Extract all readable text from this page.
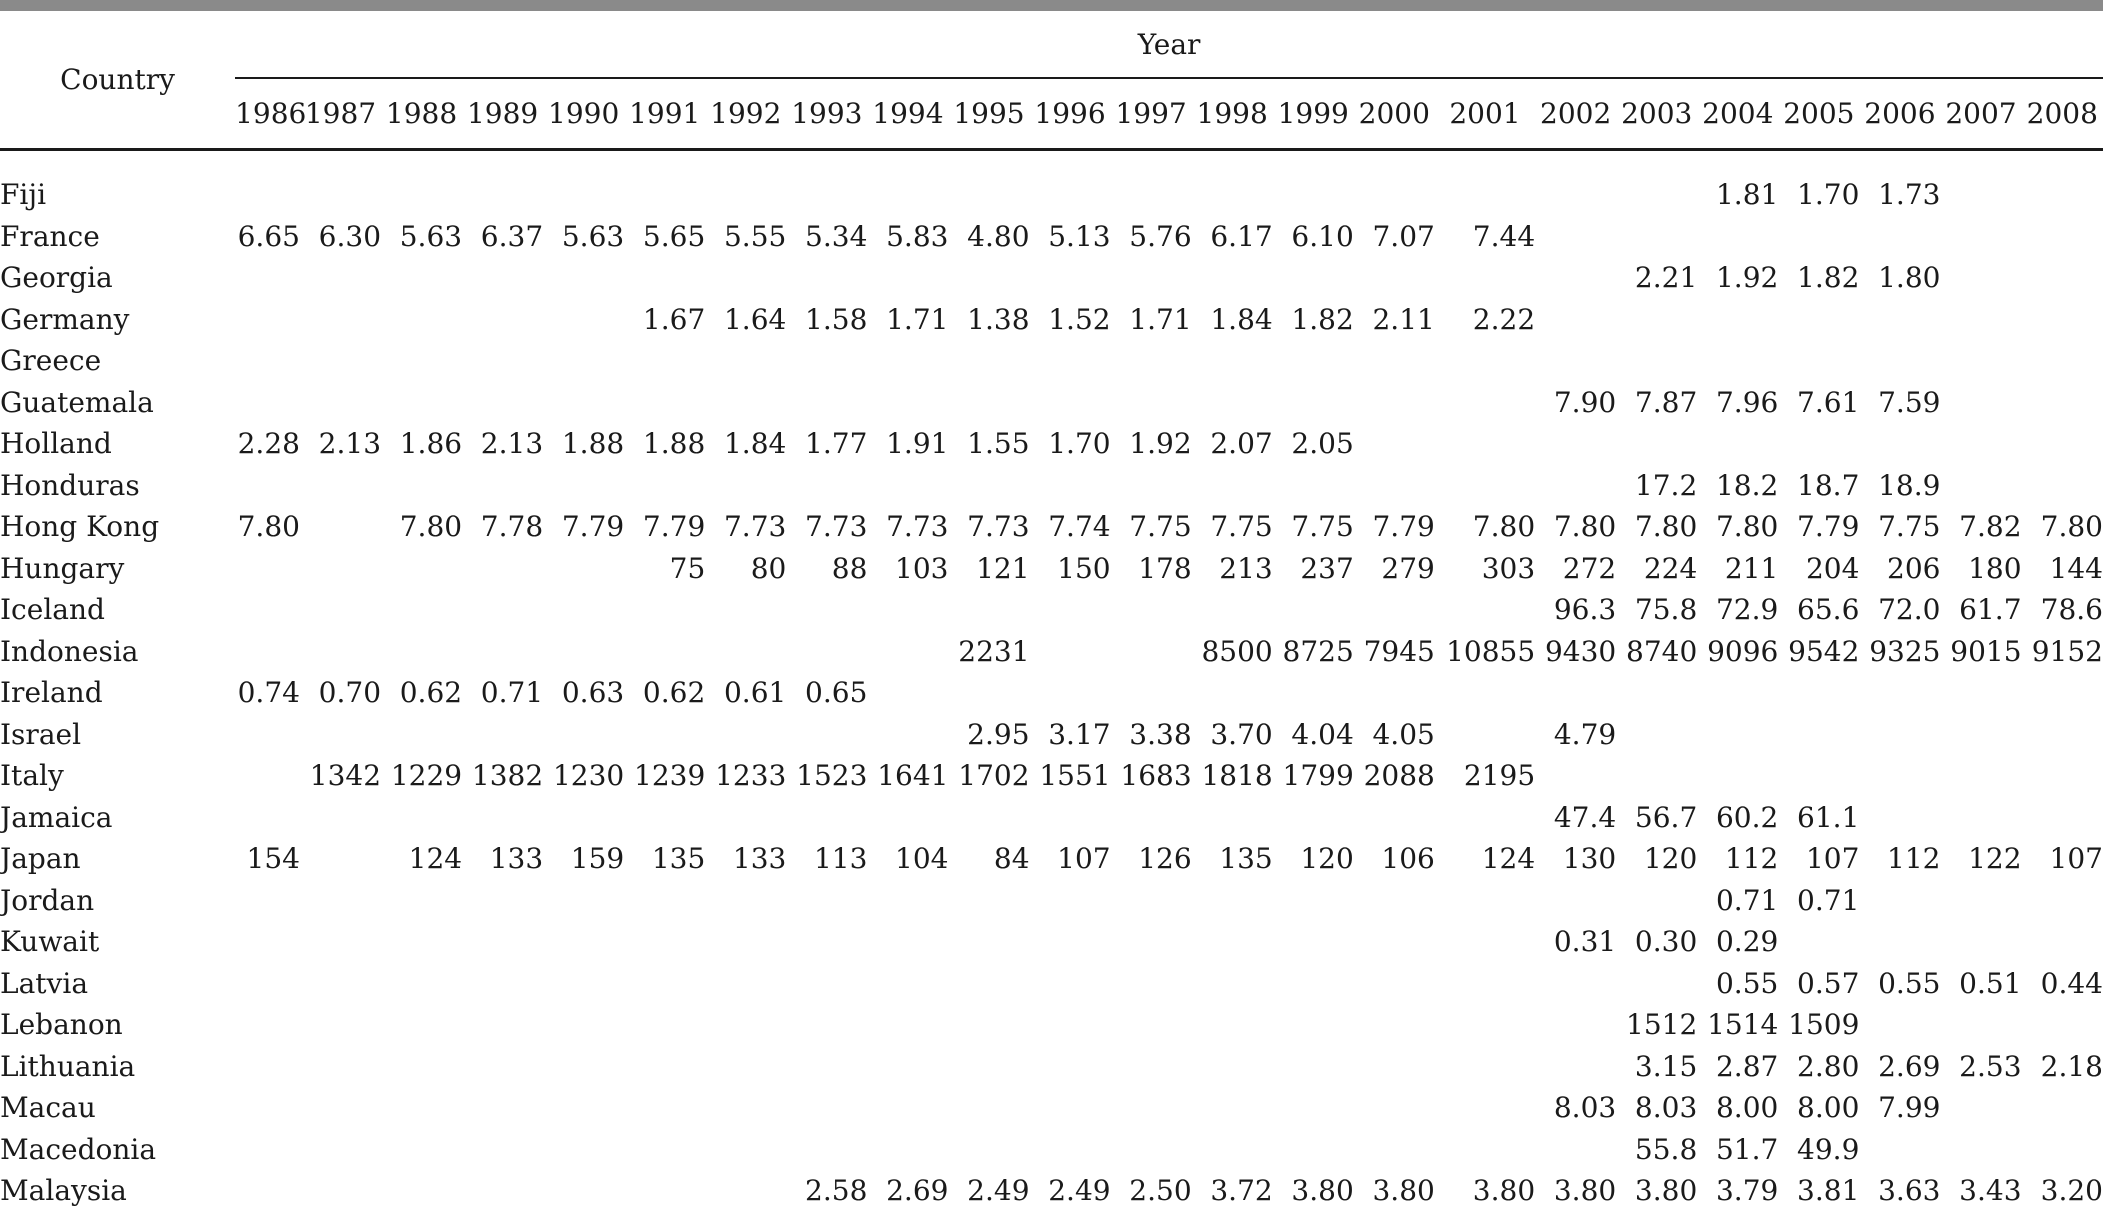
Country	Year																						

	1986	1987	1988	1989	1990	1991	1992	1993	1994	1995	1996	1997	1998	1999	2000	2001	2002	2003	2004	2005	2006	2007	2008

Fiji																			1.81	1.70	1.73		
France	6.65	6.30	5.63	6.37	5.63	5.65	5.55	5.34	5.83	4.80	5.13	5.76	6.17	6.10	7.07	7.44							
Georgia																		2.21	1.92	1.82	1.80		
Germany						1.67	1.64	1.58	1.71	1.38	1.52	1.71	1.84	1.82	2.11	2.22							
Greece																							
Guatemala																	7.90	7.87	7.96	7.61	7.59		
Holland	2.28	2.13	1.86	2.13	1.88	1.88	1.84	1.77	1.91	1.55	1.70	1.92	2.07	2.05									
Honduras																		17.2	18.2	18.7	18.9		
Hong Kong	7.80		7.80	7.78	7.79	7.79	7.73	7.73	7.73	7.73	7.74	7.75	7.75	7.75	7.79	7.80	7.80	7.80	7.80	7.79	7.75	7.82	7.80
Hungary						75	80	88	103	121	150	178	213	237	279	303	272	224	211	204	206	180	144
Iceland																	96.3	75.8	72.9	65.6	72.0	61.7	78.6
Indonesia										2231			8500	8725	7945	10855	9430	8740	9096	9542	9325	9015	9152
Ireland	0.74	0.70	0.62	0.71	0.63	0.62	0.61	0.65															
Israel										2.95	3.17	3.38	3.70	4.04	4.05		4.79						
Italy		1342	1229	1382	1230	1239	1233	1523	1641	1702	1551	1683	1818	1799	2088	2195							
Jamaica																	47.4	56.7	60.2	61.1			
Japan	154		124	133	159	135	133	113	104	84	107	126	135	120	106	124	130	120	112	107	112	122	107
Jordan																			0.71	0.71			
Kuwait																	0.31	0.30	0.29				
Latvia																			0.55	0.57	0.55	0.51	0.44
Lebanon																		1512	1514	1509			
Lithuania																		3.15	2.87	2.80	2.69	2.53	2.18
Macau																	8.03	8.03	8.00	8.00	7.99		
Macedonia																		55.8	51.7	49.9			
Malaysia								2.58	2.69	2.49	2.49	2.50	3.72	3.80	3.80	3.80	3.80	3.80	3.79	3.81	3.63	3.43	3.20
